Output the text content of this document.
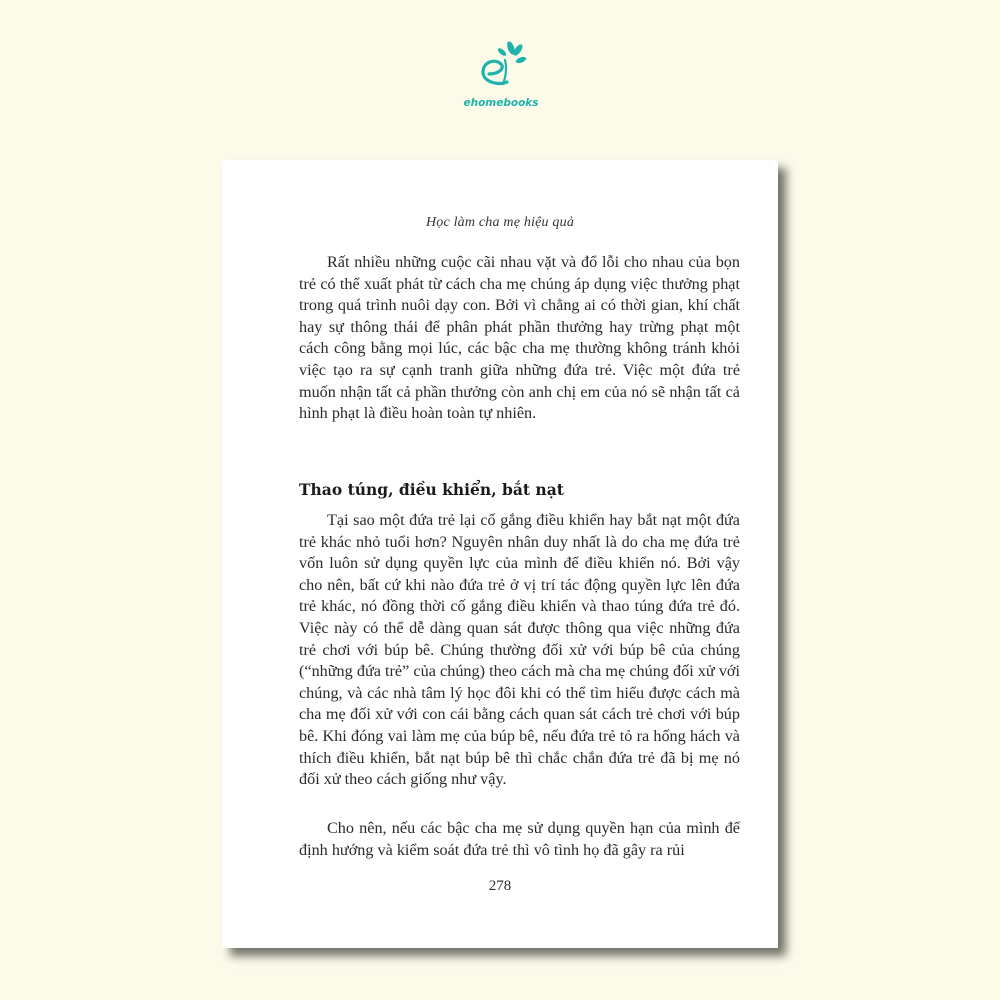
ehomebooks
Học làm cha mẹ hiệu quả

Rất nhiều những cuộc cãi nhau vặt và đổ lỗi cho nhau của bọn trẻ có thể xuất phát từ cách cha mẹ chúng áp dụng việc thưởng phạt trong quá trình nuôi dạy con. Bởi vì chẳng ai có thời gian, khí chất hay sự thông thái để phân phát phần thưởng hay trừng phạt một cách công bằng mọi lúc, các bậc cha mẹ thường không tránh khỏi việc tạo ra sự cạnh tranh giữa những đứa trẻ. Việc một đứa trẻ muốn nhận tất cả phần thưởng còn anh chị em của nó sẽ nhận tất cả hình phạt là điều hoàn toàn tự nhiên.

Thao túng, điều khiển, bắt nạt

Tại sao một đứa trẻ lại cố gắng điều khiển hay bắt nạt một đứa trẻ khác nhỏ tuổi hơn? Nguyên nhân duy nhất là do cha mẹ đứa trẻ vốn luôn sử dụng quyền lực của mình để điều khiển nó. Bởi vậy cho nên, bất cứ khi nào đứa trẻ ở vị trí tác động quyền lực lên đứa trẻ khác, nó đồng thời cố gắng điều khiển và thao túng đứa trẻ đó. Việc này có thể dễ dàng quan sát được thông qua việc những đứa trẻ chơi với búp bê. Chúng thường đối xử với búp bê của chúng (“những đứa trẻ” của chúng) theo cách mà cha mẹ chúng đối xử với chúng, và các nhà tâm lý học đôi khi có thể tìm hiểu được cách mà cha mẹ đối xử với con cái bằng cách quan sát cách trẻ chơi với búp bê. Khi đóng vai làm mẹ của búp bê, nếu đứa trẻ tỏ ra hống hách và thích điều khiển, bắt nạt búp bê thì chắc chắn đứa trẻ đã bị mẹ nó đối xử theo cách giống như vậy.

Cho nên, nếu các bậc cha mẹ sử dụng quyền hạn của mình để định hướng và kiểm soát đứa trẻ thì vô tình họ đã gây ra rủi

278
